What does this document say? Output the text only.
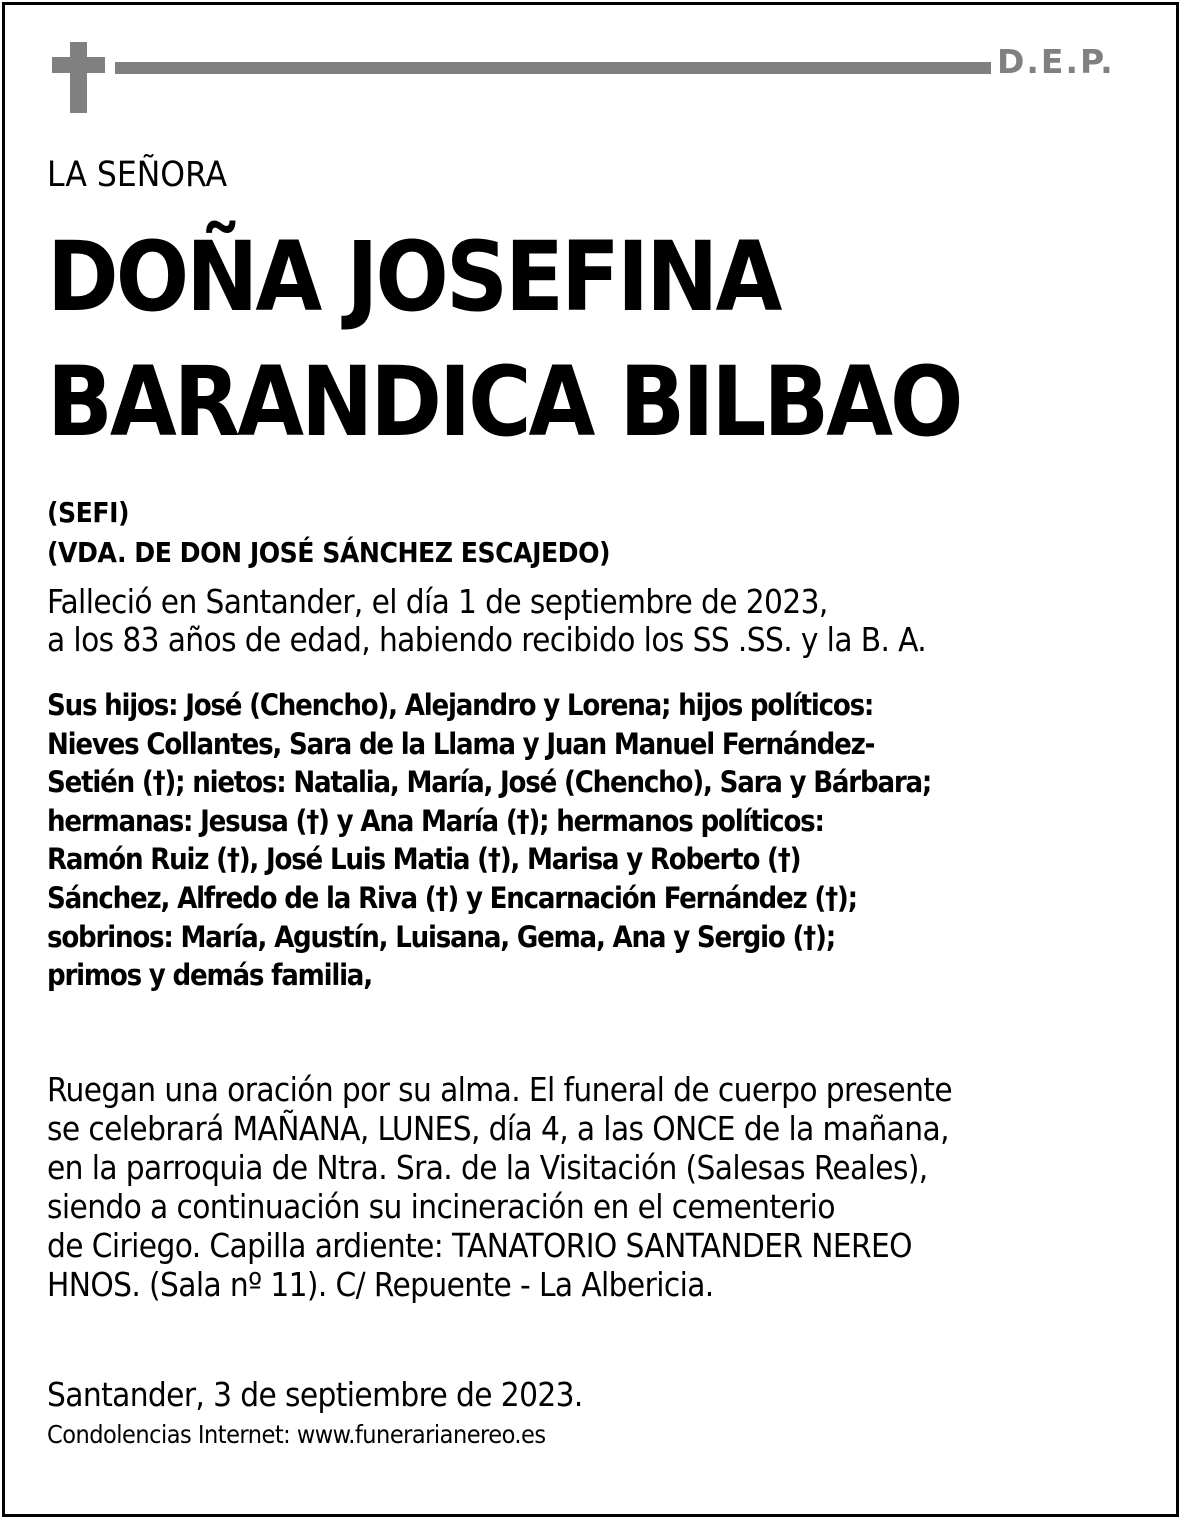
D.E.P.

LA SEÑORA

DOÑA JOSEFINA

BARANDICA BILBAO

(SEFI)

(VDA. DE DON JOSÉ SÁNCHEZ ESCAJEDO)

Falleció en Santander, el día 1 de septiembre de 2023,
a los 83 años de edad, habiendo recibido los SS .SS. y la B. A.
Sus hijos: José (Chencho), Alejandro y Lorena; hijos políticos:
Nieves Collantes, Sara de la Llama y Juan Manuel Fernández-
Setién (†); nietos: Natalia, María, José (Chencho), Sara y Bárbara;
hermanas: Jesusa (†) y Ana María (†); hermanos políticos:
Ramón Ruiz (†), José Luis Matia (†), Marisa y Roberto (†)
Sánchez, Alfredo de la Riva (†) y Encarnación Fernández (†);
sobrinos: María, Agustín, Luisana, Gema, Ana y Sergio (†);
primos y demás familia,
Ruegan una oración por su alma. El funeral de cuerpo presente
se celebrará MAÑANA, LUNES, día 4, a las ONCE de la mañana,
en la parroquia de Ntra. Sra. de la Visitación (Salesas Reales),
siendo a continuación su incineración en el cementerio
de Ciriego. Capilla ardiente: TANATORIO SANTANDER NEREO
HNOS. (Sala nº 11). C/ Repuente - La Albericia.

Santander, 3 de septiembre de 2023.

Condolencias Internet: www.funerarianereo.es
